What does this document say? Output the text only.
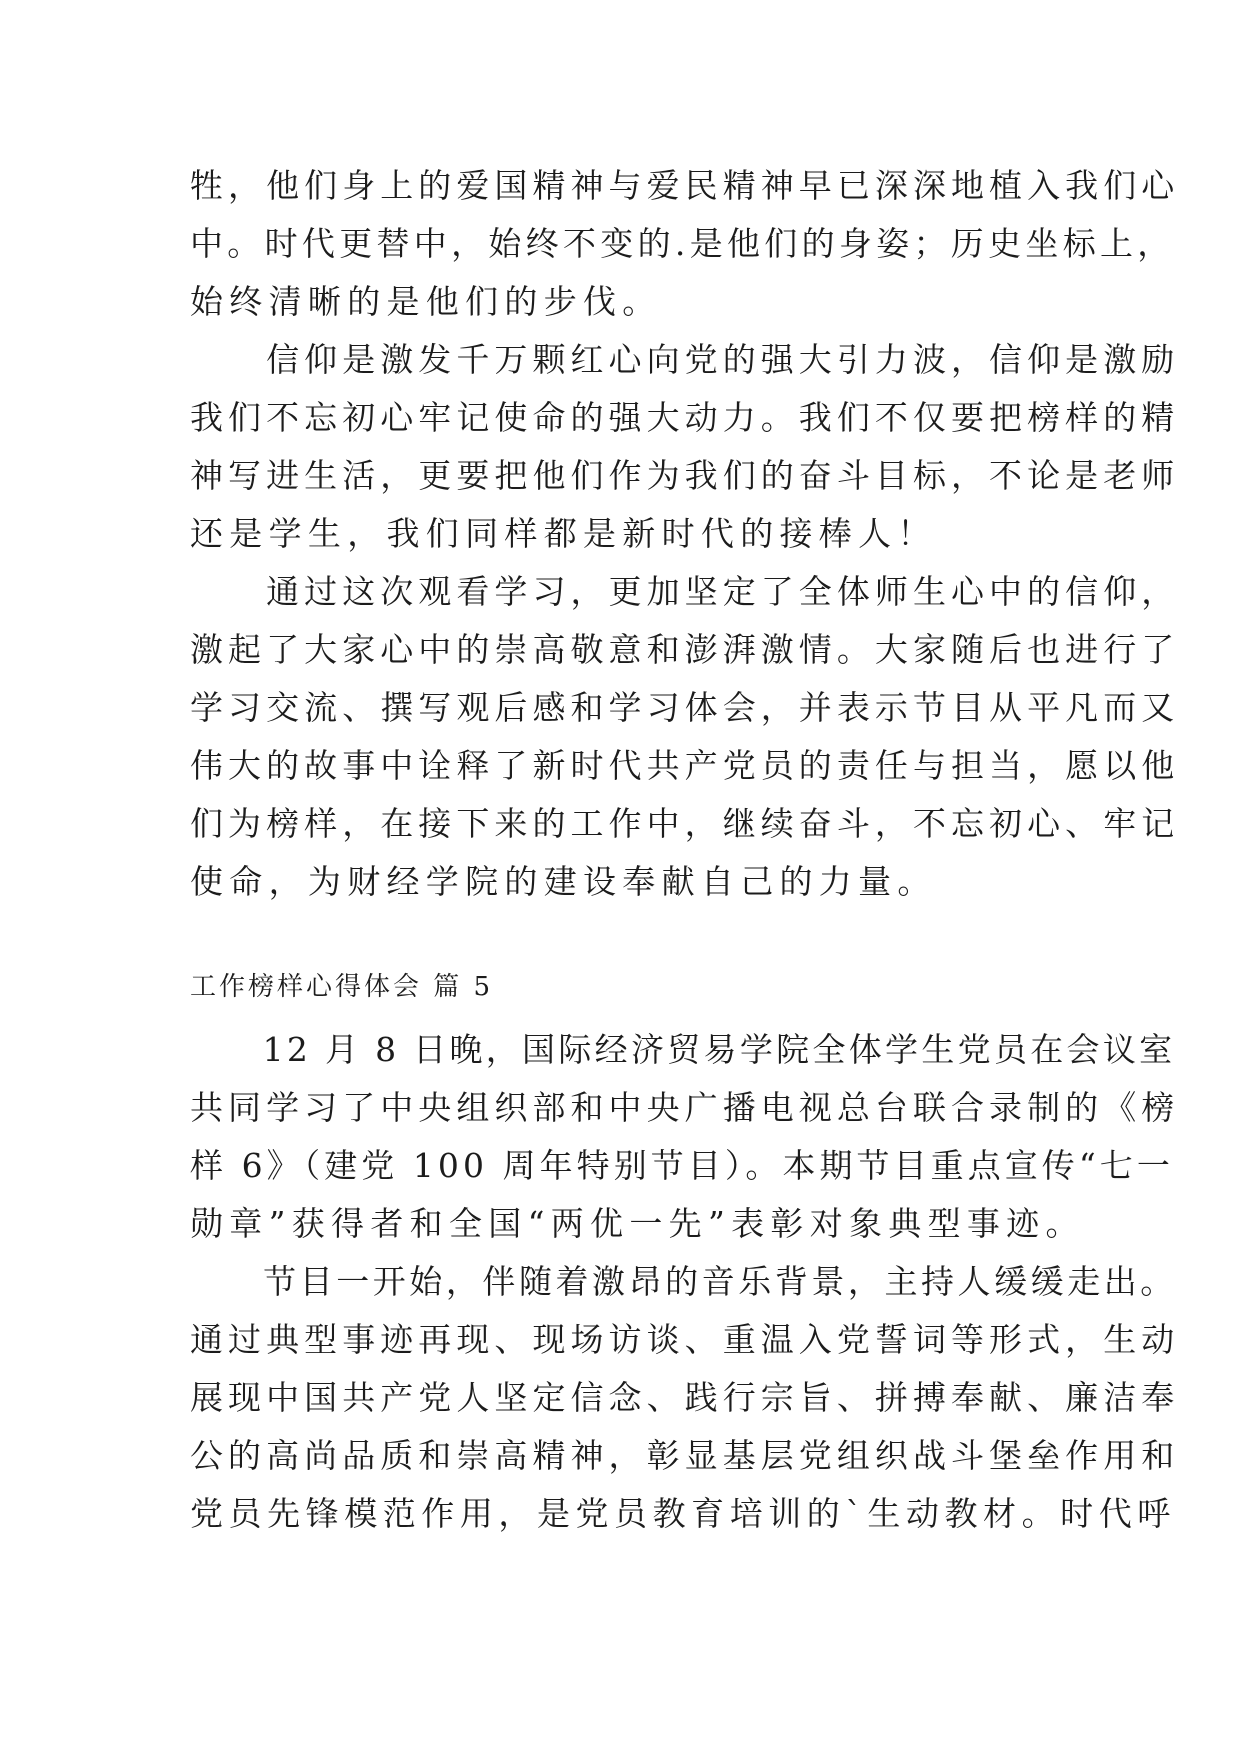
牲，他们身上的爱国精神与爱民精神早已深深地植入我们心
中。时代更替中，始终不变的.是他们的身姿；历史坐标上，
始终清晰的是他们的步伐。
　　信仰是激发千万颗红心向党的强大引力波，信仰是激励
我们不忘初心牢记使命的强大动力。我们不仅要把榜样的精
神写进生活，更要把他们作为我们的奋斗目标，不论是老师
还是学生，我们同样都是新时代的接棒人！
　　通过这次观看学习，更加坚定了全体师生心中的信仰，
激起了大家心中的崇高敬意和澎湃激情。大家随后也进行了
学习交流、撰写观后感和学习体会，并表示节目从平凡而又
伟大的故事中诠释了新时代共产党员的责任与担当，愿以他
们为榜样，在接下来的工作中，继续奋斗，不忘初心、牢记
使命，为财经学院的建设奉献自己的力量。
工作榜样心得体会 篇 5
　　12 月 8 日晚，国际经济贸易学院全体学生党员在会议室
共同学习了中央组织部和中央广播电视总台联合录制的《榜
样 6》（建党 100 周年特别节目）。本期节目重点宣传“七一
勋章”获得者和全国“两优一先”表彰对象典型事迹。
　　节目一开始，伴随着激昂的音乐背景，主持人缓缓走出。
通过典型事迹再现、现场访谈、重温入党誓词等形式，生动
展现中国共产党人坚定信念、践行宗旨、拼搏奉献、廉洁奉
公的高尚品质和崇高精神，彰显基层党组织战斗堡垒作用和
党员先锋模范作用，是党员教育培训的`生动教材。时代呼
